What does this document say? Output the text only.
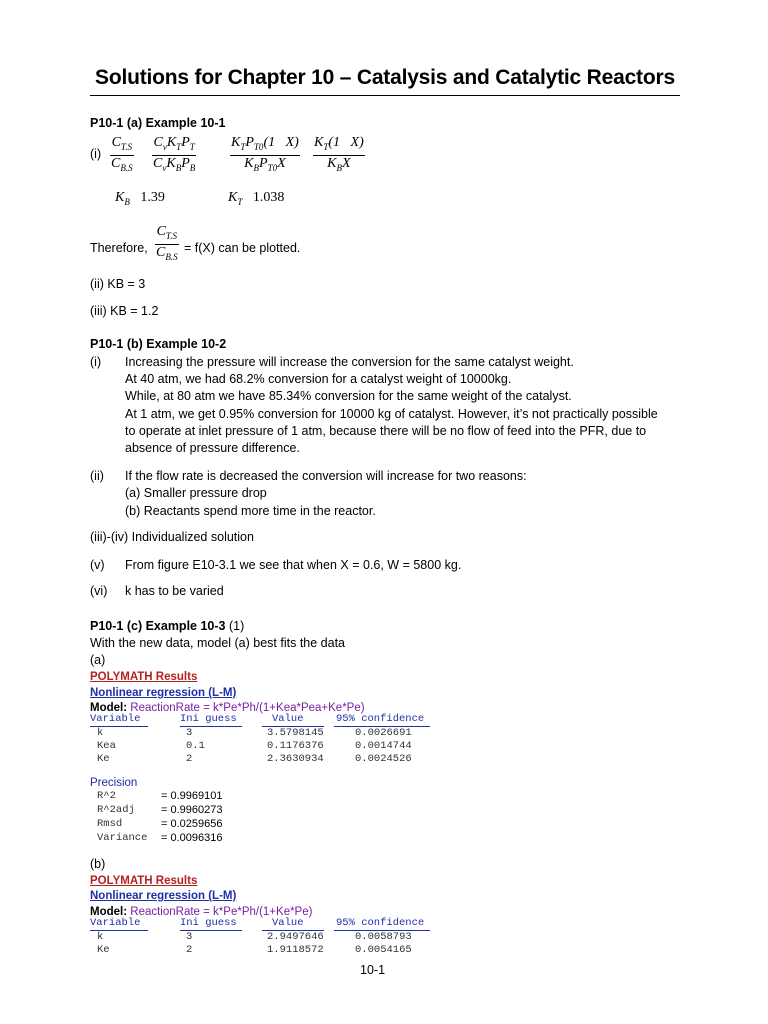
Solutions for Chapter 10 – Catalysis and Catalytic Reactors
P10-1 (a) Example 10-1
$(i) \frac{C_{T.S}}{C_{B.S}} C_vK_TP_T$
$C_vK_BP_B$
$K_TP_{T0}(1$   X)
$K_BP_{T0}X$
$K_T(1$   X)
$K_BX$
$K_B$ 1.39	$K_T$ 1.038
Therefore, $\frac{C_{T.S}}{C_{B.S}} = f(X)$ can be plotted.
(ii) KB = 3
(iii) KB = 1.2
P10-1 (b) Example 10-2
(i) Increasing the pressure will increase the conversion for the same catalyst weight.
At 40 atm, we had 68.2% conversion for a catalyst weight of 10000kg.
While, at 80 atm we have 85.34% conversion for the same weight of the catalyst.
At 1 atm, we get 0.95% conversion for 10000 kg of catalyst. However, it’s not practically possible
to operate at inlet pressure of 1 atm, because there will be no flow of feed into the PFR, due to
absence of pressure difference.
(ii) If the flow rate is decreased the conversion will increase for two reasons:
(a) Smaller pressure drop
(b) Reactants spend more time in the reactor.
(iii)-(iv) Individualized solution
(v) From figure E10-3.1 we see that when X = 0.6, W = 5800 kg.
(vi) k has to be varied
P10-1 (c) Example 10-3 (1)
With the new data, model (a) best fits the data
(a)
POLYMATH Results
Nonlinear regression (L-M)
Model: ReactionRate = k*Pe*Ph/(1+Kea*Pea+Ke*Pe)
Variable	Ini guess	Value	95% confidence
k	3	3.5798145	0.0026691
Kea	0.1	0.1176376	0.0014744
Ke	2	2.3630934	0.0024526
Precision
R^2	= 0.9969101
R^2adj = 0.9960273
Rmsd	= 0.0259656
Variance = 0.0096316
(b)
POLYMATH Results
Nonlinear regression (L-M)
Model: ReactionRate = k*Pe*Ph/(1+Ke*Pe)
Variable	Ini guess	Value	95% confidence
k	3	2.9497646	0.0058793
Ke	2	1.9118572	0.0054165
10-1
